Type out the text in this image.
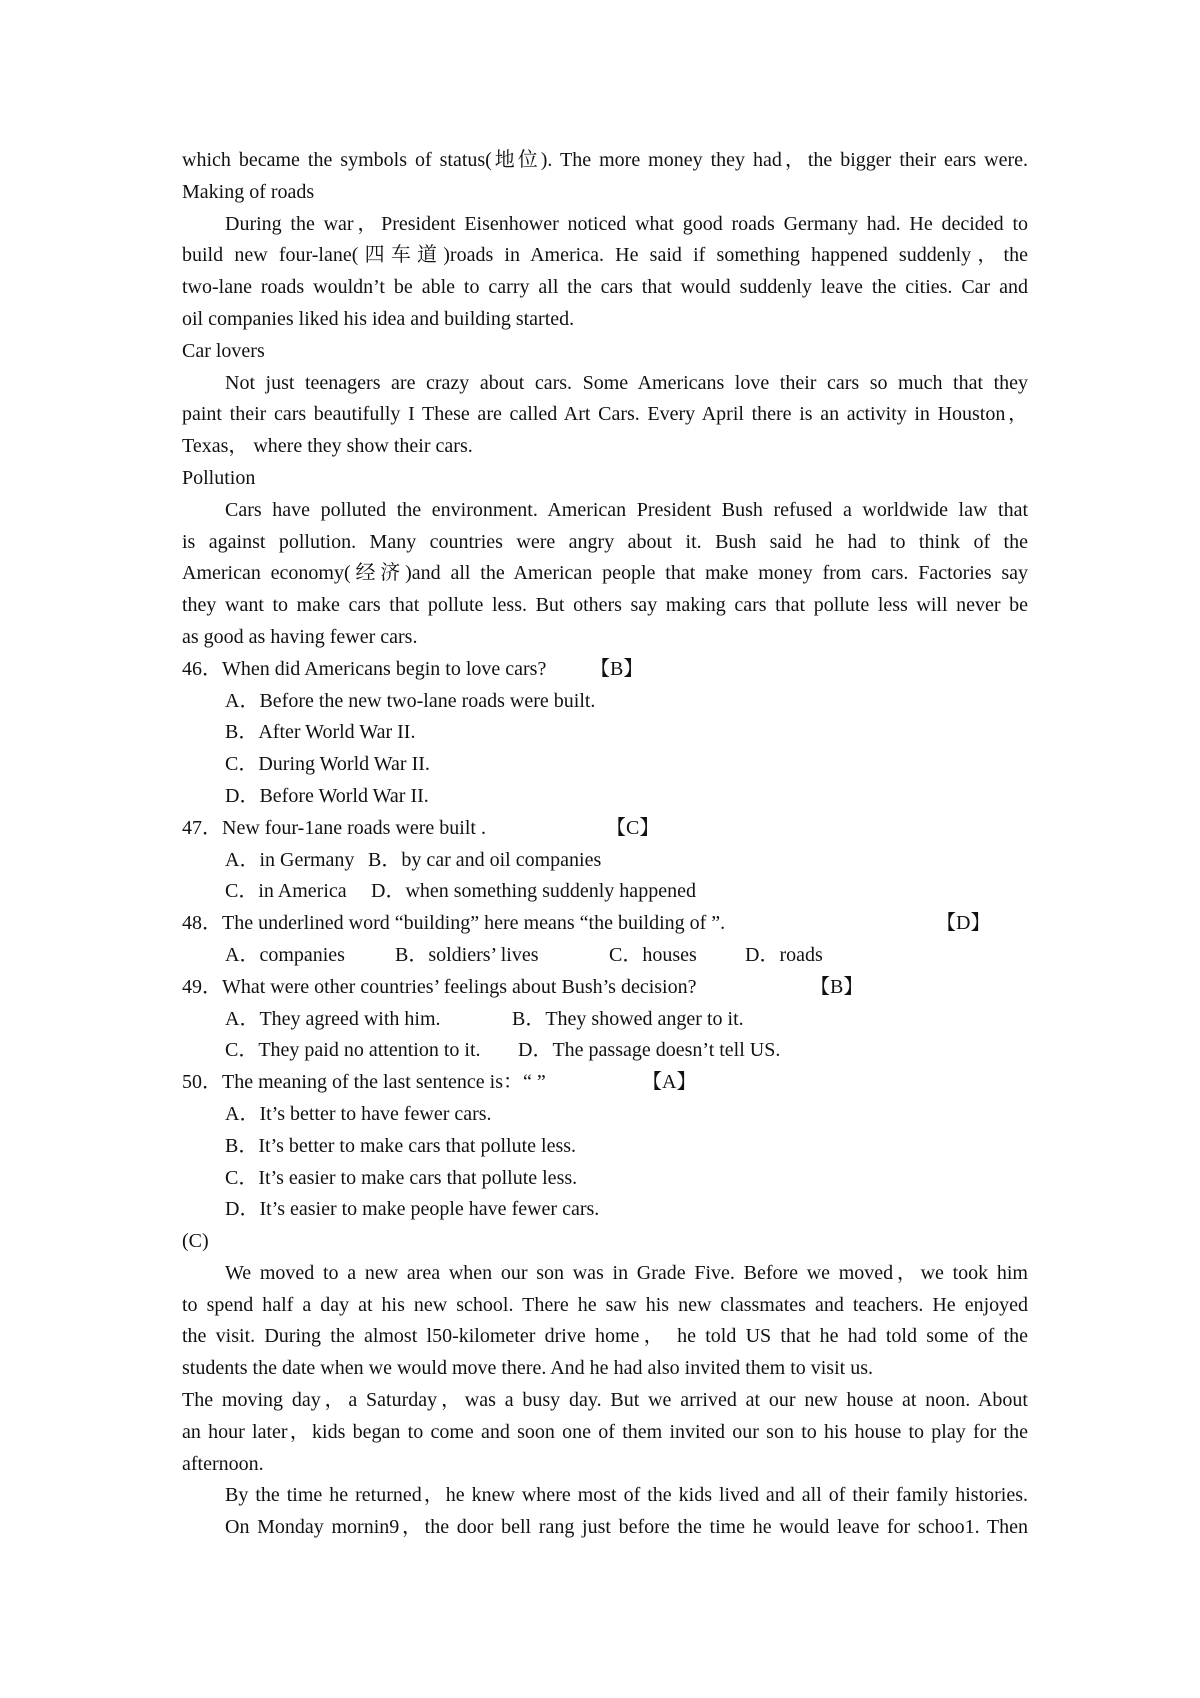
which became the symbols of status(地位). The more money they had，the bigger their ears were.
Making of roads
During the war，President Eisenhower noticed what good roads Germany had. He decided to
build new four-lane(四车道)roads in America. He said if something happened suddenly，the
two-lane roads wouldn’t be able to carry all the cars that would suddenly leave the cities. Car and
oil companies liked his idea and building started.
Car lovers
Not just teenagers are crazy about cars. Some Americans love their cars so much that they
paint their cars beautifully I These are called Art Cars. Every April there is an activity in Houston，
Texas， where they show their cars.
Pollution
Cars have polluted the environment. American President Bush refused a worldwide law that
is against pollution. Many countries were angry about it. Bush said he had to think of the
American economy(经济)and all the American people that make money from cars. Factories say
they want to make cars that pollute less. But others say making cars that pollute less will never be
as good as having fewer cars.
46．When did Americans begin to love cars? 【B】
A．Before the new two-lane roads were built.
B．After World War II.
C．During World War II.
D．Before World War II.
47．New four-1ane roads were built .	【C】
A．in Germany B．by car and oil companies
C．in America D．when something suddenly happened
48．The underlined word “building” here means “the building of ”.	【D】
A．companies	B．soldiers’ lives	C．houses D．roads
49．What were other countries’ feelings about Bush’s decision?	【B】
A．They agreed with him.	B．They showed anger to it.
C．They paid no attention to it. D．The passage doesn’t tell US.
50．The meaning of the last sentence is：“ ”	【A】
A．It’s better to have fewer cars.
B．It’s better to make cars that pollute less.
C．It’s easier to make cars that pollute less.
D．It’s easier to make people have fewer cars.
(C)
We moved to a new area when our son was in Grade Five. Before we moved，we took him
to spend half a day at his new school. There he saw his new classmates and teachers. He enjoyed
the visit. During the almost l50-kilometer drive home， he told US that he had told some of the
students the date when we would move there. And he had also invited them to visit us.
The moving day，a Saturday，was a busy day. But we arrived at our new house at noon. About
an hour later，kids began to come and soon one of them invited our son to his house to play for the
afternoon.
By the time he returned，he knew where most of the kids lived and all of their family histories.
On Monday mornin9，the door bell rang just before the time he would leave for schoo1. Then
